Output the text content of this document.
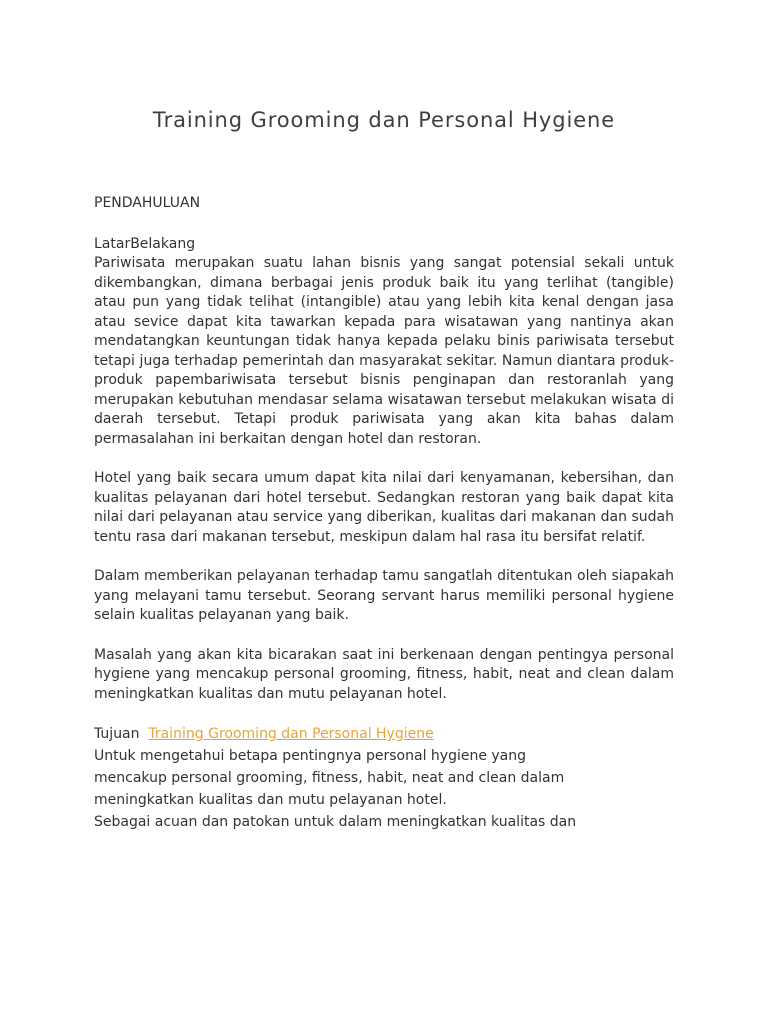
Training Grooming dan Personal Hygiene

PENDAHULUAN

LatarBelakang

Pariwisata merupakan suatu lahan bisnis yang sangat potensial sekali untuk dikembangkan, dimana berbagai jenis produk baik itu yang terlihat (tangible) atau pun yang tidak telihat (intangible) atau yang lebih kita kenal dengan jasa atau sevice dapat kita tawarkan kepada para wisatawan yang nantinya akan mendatangkan keuntungan tidak hanya kepada pelaku binis pariwisata tersebut tetapi juga terhadap pemerintah dan masyarakat sekitar. Namun diantara produk-produk papembariwisata tersebut bisnis penginapan dan restoranlah yang merupakan kebutuhan mendasar selama wisatawan tersebut melakukan wisata di daerah tersebut. Tetapi produk pariwisata yang akan kita bahas dalam permasalahan ini berkaitan dengan hotel dan restoran.

Hotel yang baik secara umum dapat kita nilai dari kenyamanan, kebersihan, dan kualitas pelayanan dari hotel tersebut. Sedangkan restoran yang baik dapat kita nilai dari pelayanan atau service yang diberikan, kualitas dari makanan dan sudah tentu rasa dari makanan tersebut, meskipun dalam hal rasa itu bersifat relatif.

Dalam memberikan pelayanan terhadap tamu sangatlah ditentukan oleh siapakah yang melayani tamu tersebut. Seorang servant harus memiliki personal hygiene selain kualitas pelayanan yang baik.

Masalah yang akan kita bicarakan saat ini berkenaan dengan pentingya personal hygiene yang mencakup personal grooming, fitness, habit, neat and clean dalam meningkatkan kualitas dan mutu pelayanan hotel.

Tujuan Training Grooming dan Personal Hygiene

Untuk mengetahui betapa pentingnya personal hygiene yang

mencakup personal grooming, fitness, habit, neat and clean dalam

meningkatkan kualitas dan mutu pelayanan hotel.

Sebagai acuan dan patokan untuk dalam meningkatkan kualitas dan
